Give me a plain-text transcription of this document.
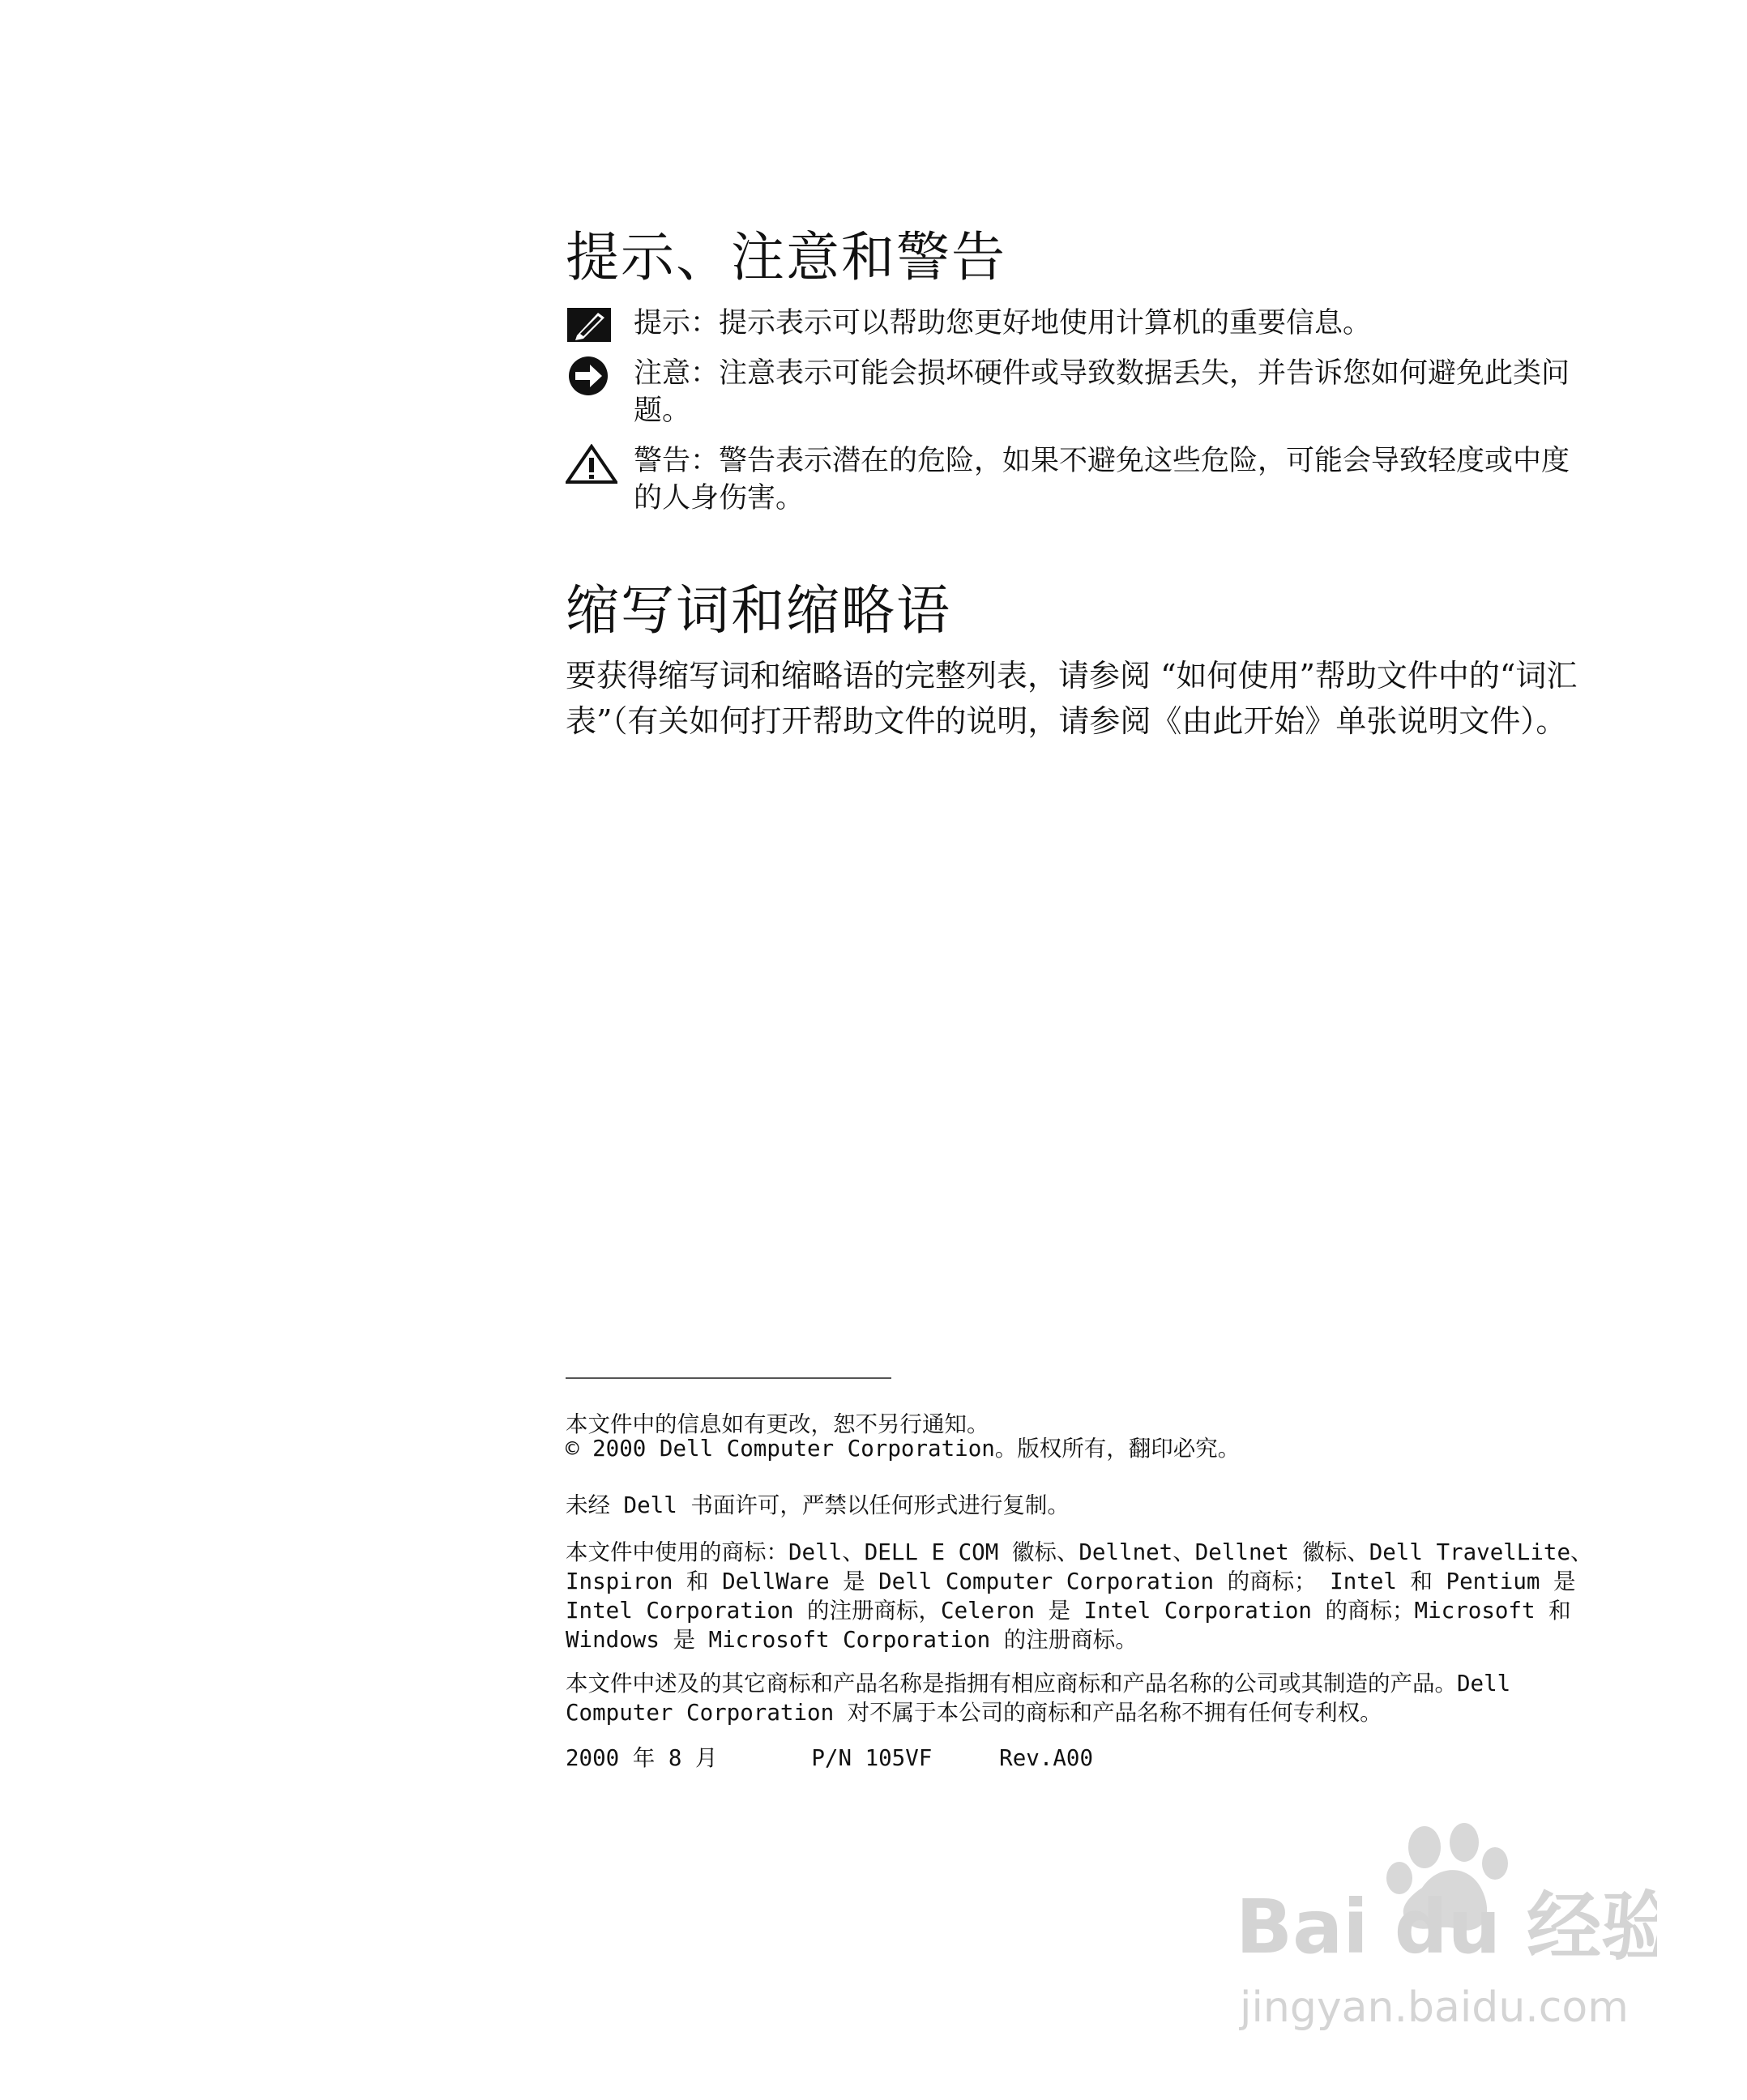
提示、注意和警告
提示：提示表示可以帮助您更好地使用计算机的重要信息。
注意：注意表示可能会损坏硬件或导致数据丢失，并告诉您如何避免此类问题。
警告：警告表示潜在的危险，如果不避免这些危险，可能会导致轻度或中度的人身伤害。
缩写词和缩略语
要获得缩写词和缩略语的完整列表，请参阅 “如何使用”帮助文件中的“词汇表”（有关如何打开帮助文件的说明，请参阅《由此开始》单张说明文件）。
本文件中的信息如有更改，恕不另行通知。
© 2000 Dell Computer Corporation。版权所有，翻印必究。
未经 Dell 书面许可，严禁以任何形式进行复制。
本文件中使用的商标：Dell、DELL E COM 徽标、Dellnet、Dellnet 徽标、Dell TravelLite、Inspiron 和 DellWare 是 Dell Computer Corporation 的商标； Intel 和 Pentium 是 Intel Corporation 的注册商标，Celeron 是 Intel Corporation 的商标；Microsoft 和 Windows 是 Microsoft Corporation 的注册商标。
本文件中述及的其它商标和产品名称是指拥有相应商标和产品名称的公司或其制造的产品。Dell Computer Corporation 对不属于本公司的商标和产品名称不拥有任何专利权。
2000 年 8 月       P/N 105VF     Rev.A00
Bai du 经验
jingyan.baidu.com
